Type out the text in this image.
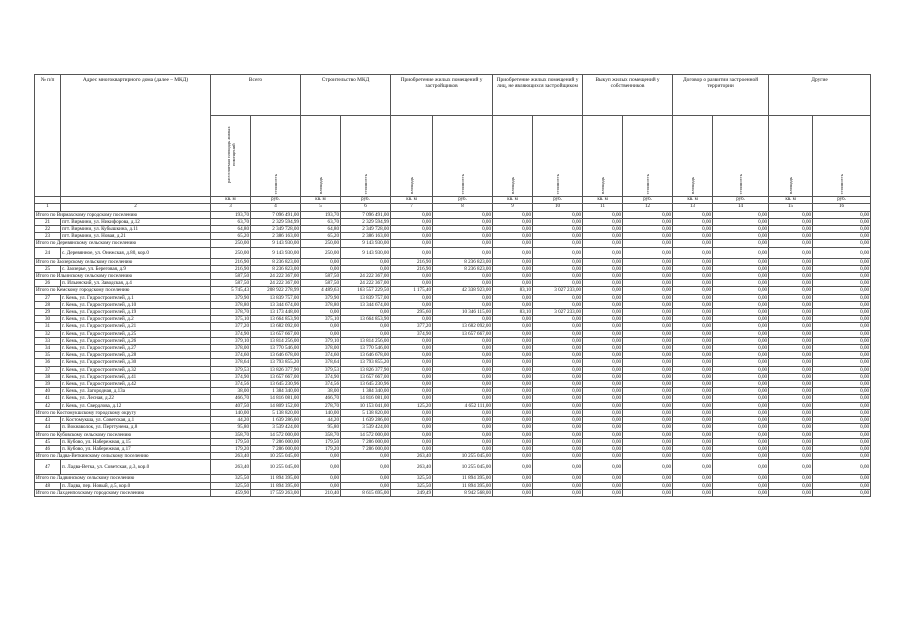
№ п/п	Адрес многоквартирного дома (далее – МКД)	Всего		Строительство МКД		Приобретение жилых помещений у застройщиков		Приобретение жилых помещений у лиц, не являющихся застройщиком		Выкуп жилых помещений у собственников		Договор о развитии застроенной территории		Другие	
		расселяемая площадь жилых помещений	стоимость	площадь	стоимость	площадь	стоимость	площадь	стоимость	площадь	стоимость	площадь	стоимость	площадь	стоимость
		кв. м	руб.	кв. м	руб.	кв. м	руб.	кв. м	руб.	кв. м	руб.	кв. м	руб.	кв. м	руб.
1	2	3	4	5	6	7	8	9	10	11	12	13	14	15	16
Итого по Вирмахскому городскому поселению		193,70	7 096 491,00	193,70	7 096 491,00	0,00	0,00	0,00	0,00	0,00	0,00	0,00	0,00	0,00	0,00
21	пгт. Вирмини, ул. Никифорова, д.12	63,70	2 329 594,99	63,70	2 329 594,99	0,00	0,00	0,00	0,00	0,00	0,00	0,00	0,00	0,00	0,00
22	пгт. Вирмини, ул. Кубышкина, д.11	64,80	2 349 728,00	64,80	2 349 728,00	0,00	0,00	0,00	0,00	0,00	0,00	0,00	0,00	0,00	0,00
23	пгт. Вирмини, ул. Новая, д.21	65,20	2 386 163,00	65,20	2 386 163,00	0,00	0,00	0,00	0,00	0,00	0,00	0,00	0,00	0,00	0,00
Итого по Деревянскому сельскому поселению		250,00	9 143 930,00	250,00	9 143 930,00	0,00	0,00	0,00	0,00	0,00	0,00	0,00	0,00	0,00	0,00
24	с. Деревянное, ул. Онежская, д.80, кор.0	250,00	9 143 930,00	250,00	9 143 930,00	0,00	0,00	0,00	0,00	0,00	0,00	0,00	0,00	0,00	0,00
Итого по Заозерскому сельскому поселению		216,90	8 236 823,00	0,00	0,00	216,90	8 236 823,00	0,00	0,00	0,00	0,00	0,00	0,00	0,00	0,00
25	с. Заозерье, ул. Береговая, д.9	216,90	8 236 823,00	0,00	0,00	216,90	8 236 823,00	0,00	0,00	0,00	0,00	0,00	0,00	0,00	0,00
Итого по Ильинскому сельскому поселению		587,50	24 222 367,00	587,50	24 222 367,00	0,00	0,00	0,00	0,00	0,00	0,00	0,00	0,00	0,00	0,00
26	п. Ильинский, ул. Заводская, д.4	587,50	24 222 367,00	587,50	24 222 367,00	0,00	0,00	0,00	0,00	0,00	0,00	0,00	0,00	0,00	0,00
Итого по Кемскому городскому поселению		5 745,43	208 922 278,99	4 489,63	163 557 229,50	1 175,40	42 338 923,00	83,10	3 027 233,00	0,00	0,00	0,00	0,00	0,00	0,00
27	г. Кемь, ул. Гидростроителей, д.1	379,90	13 839 757,00	379,90	13 839 757,00	0,00	0,00	0,00	0,00	0,00	0,00	0,00	0,00	0,00	0,00
28	г. Кемь, ул. Гидростроителей, д.10	378,80	13 344 674,00	378,80	13 344 674,00	0,00	0,00	0,00	0,00	0,00	0,00	0,00	0,00	0,00	0,00
29	г. Кемь, ул. Гидростроителей, д.19	378,70	13 173 448,00	0,00	0,00	295,60	10 346 115,00	83,10	3 027 233,00	0,00	0,00	0,00	0,00	0,00	0,00
30	г. Кемь, ул. Гидростроителей, д.2	375,10	13 664 853,90	375,10	13 664 853,90	0,00	0,00	0,00	0,00	0,00	0,00	0,00	0,00	0,00	0,00
31	г. Кемь, ул. Гидростроителей, д.21	377,20	13 682 092,00	0,00	0,00	377,20	13 682 092,00	0,00	0,00	0,00	0,00	0,00	0,00	0,00	0,00
32	г. Кемь, ул. Гидростроителей, д.25	374,90	13 657 667,00	0,00	0,00	374,90	13 657 667,00	0,00	0,00	0,00	0,00	0,00	0,00	0,00	0,00
33	г. Кемь, ул. Гидростроителей, д.26	379,10	13 814 256,00	379,10	13 814 256,00	0,00	0,00	0,00	0,00	0,00	0,00	0,00	0,00	0,00	0,00
34	г. Кемь, ул. Гидростроителей, д.27	378,00	13 770 546,00	378,00	13 770 546,00	0,00	0,00	0,00	0,00	0,00	0,00	0,00	0,00	0,00	0,00
35	г. Кемь, ул. Гидростроителей, д.28	374,60	13 646 678,00	374,60	13 646 678,00	0,00	0,00	0,00	0,00	0,00	0,00	0,00	0,00	0,00	0,00
36	г. Кемь, ул. Гидростроителей, д.30	378,64	13 793 855,20	378,64	13 793 855,20	0,00	0,00	0,00	0,00	0,00	0,00	0,00	0,00	0,00	0,00
37	г. Кемь, ул. Гидростроителей, д.32	379,53	13 826 377,90	379,53	13 826 377,90	0,00	0,00	0,00	0,00	0,00	0,00	0,00	0,00	0,00	0,00
38	г. Кемь, ул. Гидростроителей, д.41	374,90	13 657 667,00	374,90	13 657 667,00	0,00	0,00	0,00	0,00	0,00	0,00	0,00	0,00	0,00	0,00
39	г. Кемь, ул. Гидростроителей, д.42	374,56	13 645 230,96	374,56	13 645 230,96	0,00	0,00	0,00	0,00	0,00	0,00	0,00	0,00	0,00	0,00
40	г. Кемь, ул. Загородная, д.13а	38,00	1 384 340,00	38,00	1 384 340,00	0,00	0,00	0,00	0,00	0,00	0,00	0,00	0,00	0,00	0,00
41	г. Кемь, ул. Лесная, д.22	466,70	14 816 081,00	466,70	14 816 081,00	0,00	0,00	0,00	0,00	0,00	0,00	0,00	0,00	0,00	0,00
42	г. Кемь, ул. Свердлова, д.12	407,50	14 809 152,00	278,70	10 153 041,00	125,20	4 652 111,00	0,00	0,00	0,00	0,00	0,00	0,00	0,00	0,00
Итого по Костомукшскому городскому округу		140,00	5 138 820,00	140,00	5 138 820,00	0,00	0,00	0,00	0,00	0,00	0,00	0,00	0,00	0,00	0,00
43	г. Костомукша, ул. Советская, д.1	44,20	1 639 286,00	44,20	1 639 286,00	0,00	0,00	0,00	0,00	0,00	0,00	0,00	0,00	0,00	0,00
44	п. Вокнаволок, ул. Перттунена, д.8	95,80	3 539 424,00	95,80	3 539 424,00	0,00	0,00	0,00	0,00	0,00	0,00	0,00	0,00	0,00	0,00
Итого по Кубовскому сельскому поселению		358,70	14 572 000,00	358,70	14 572 000,00	0,00	0,00	0,00	0,00	0,00	0,00	0,00	0,00	0,00	0,00
45	п. Кубово, ул. Набережная, д.15	179,50	7 286 000,00	179,50	7 286 000,00	0,00	0,00	0,00	0,00	0,00	0,00	0,00	0,00	0,00	0,00
46	п. Кубово, ул. Набережная, д.17	179,20	7 286 000,00	179,20	7 286 000,00	0,00	0,00	0,00	0,00	0,00	0,00	0,00	0,00	0,00	0,00
Итого по Ладва-Веткинскому сельскому поселению		263,40	10 255 045,00	0,00	0,00	263,40	10 255 045,00	0,00	0,00	0,00	0,00	0,00	0,00	0,00	0,00
47	п. Ладва-Ветка, ул. Советская, д.3, кор.0	263,40	10 255 045,00	0,00	0,00	263,40	10 255 045,00	0,00	0,00	0,00	0,00	0,00	0,00	0,00	0,00
Итого по Ладвинскому сельскому поселению		325,50	11 894 395,00	0,00	0,00	325,50	11 894 395,00	0,00	0,00	0,00	0,00	0,00	0,00	0,00	0,00
48	п. Ладва, пер. Новый, д.5, кор.0	325,50	11 894 395,00	0,00	0,00	325,50	11 894 395,00	0,00	0,00	0,00	0,00	0,00	0,00	0,00	0,00
Итого по Лахденпохскому городскому поселению		459,90	17 559 263,00	210,40	8 615 695,00	249,49	8 942 568,00	0,00	0,00	0,00	0,00	0,00	0,00	0,00	0,00
